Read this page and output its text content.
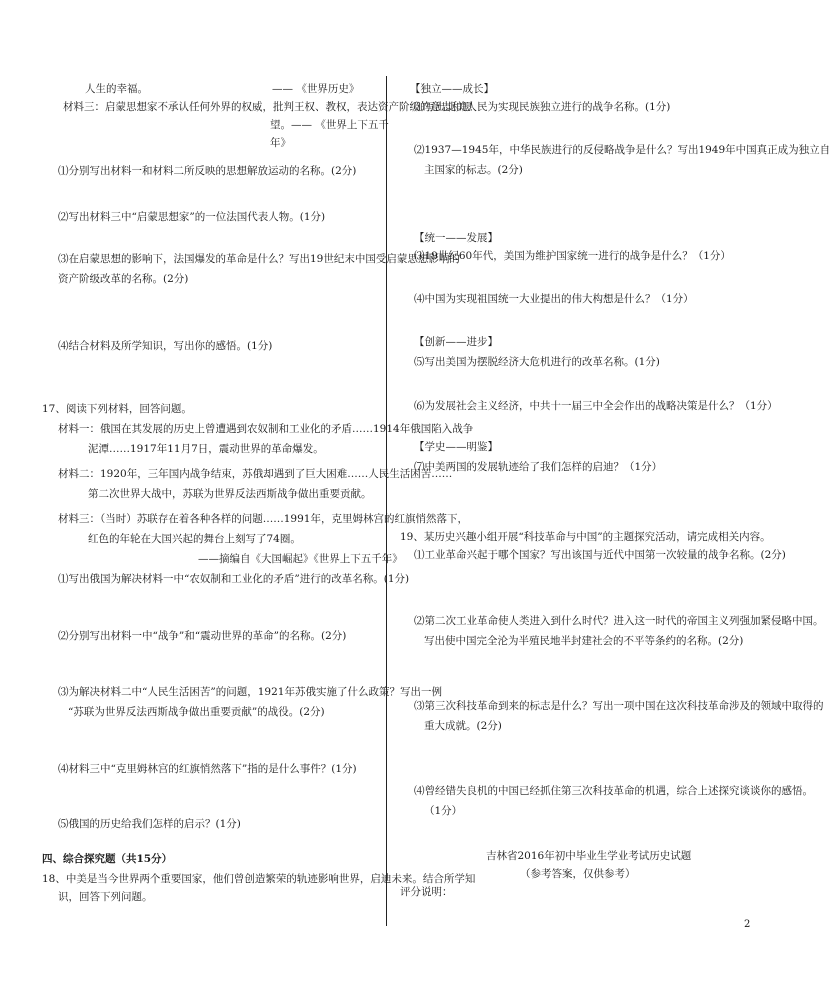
人生的幸福。	—— 《世界历史》
材料三：启蒙思想家不承认任何外界的权威，批判王权、教权，表达资产阶级的意志和愿
望。—— 《世界上下五千
年》
⑴分别写出材料一和材料二所反映的思想解放运动的名称。(2分)
⑵写出材料三中“启蒙思想家”的一位法国代表人物。(1分)
⑶在启蒙思想的影响下，法国爆发的革命是什么？写出19世纪末中国受启蒙思想影响的
资产阶级改革的名称。(2分)
⑷结合材料及所学知识，写出你的感悟。(1分)
17、阅读下列材料，回答问题。
材料一：俄国在其发展的历史上曾遭遇到农奴制和工业化的矛盾……1914年俄国陷入战争
泥潭……1917年11月7日，震动世界的革命爆发。
材料二：1920年，三年国内战争结束，苏俄却遇到了巨大困难……人民生活困苦……
第二次世界大战中，苏联为世界反法西斯战争做出重要贡献。
材料三：（当时）苏联存在着各种各样的问题……1991年，克里姆林宫的红旗悄然落下，
红色的年轮在大国兴起的舞台上刻写了74圈。
——摘编自《大国崛起》《世界上下五千年》
⑴写出俄国为解决材料一中“农奴制和工业化的矛盾”进行的改革名称。(1分)
⑵分别写出材料一中“战争”和“震动世界的革命”的名称。(2分)
⑶为解决材料二中“人民生活困苦”的问题，1921年苏俄实施了什么政策？写出一例
“苏联为世界反法西斯战争做出重要贡献”的战役。(2分)
⑷材料三中“克里姆林宫的红旗悄然落下”指的是什么事件？(1分)
⑸俄国的历史给我们怎样的启示？(1分)
四、综合探究题（共15分）
18、中美是当今世界两个重要国家，他们曾创造繁荣的轨迹影响世界，启迪未来。结合所学知
识，回答下列问题。
【独立——成长】
⑴写出北美人民为实现民族独立进行的战争名称。(1分)
⑵1937—1945年，中华民族进行的反侵略战争是什么？写出1949年中国真正成为独立自
主国家的标志。(2分)
【统一——发展】
⑶19世纪60年代，美国为维护国家统一进行的战争是什么？（1分）
⑷中国为实现祖国统一大业提出的伟大构想是什么？（1分）
【创新——进步】
⑸写出美国为摆脱经济大危机进行的改革名称。(1分)
⑹为发展社会主义经济，中共十一届三中全会作出的战略决策是什么？（1分）
【学史——明鉴】
⑺中美两国的发展轨迹给了我们怎样的启迪？（1分）
19、某历史兴趣小组开展“科技革命与中国”的主题探究活动，请完成相关内容。
⑴工业革命兴起于哪个国家？写出该国与近代中国第一次较量的战争名称。(2分)
⑵第二次工业革命使人类进入到什么时代？进入这一时代的帝国主义列强加紧侵略中国。
写出使中国完全沦为半殖民地半封建社会的不平等条约的名称。(2分)
⑶第三次科技革命到来的标志是什么？写出一项中国在这次科技革命涉及的领域中取得的
重大成就。(2分)
⑷曾经错失良机的中国已经抓住第三次科技革命的机遇，综合上述探究谈谈你的感悟。
（1分）
吉林省2016年初中毕业生学业考试历史试题
（参考答案，仅供参考）
评分说明：
2
